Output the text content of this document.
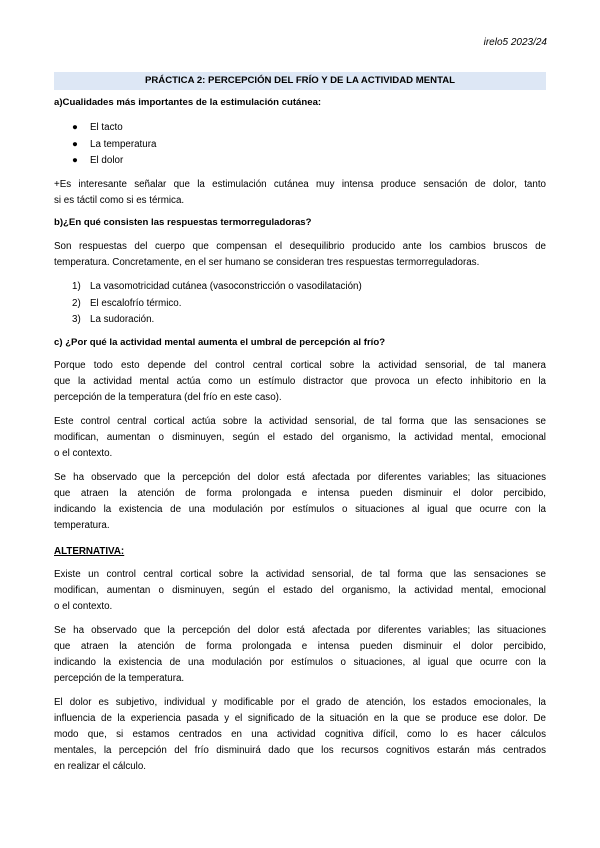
irelo5 2023/24
PRÁCTICA 2: PERCEPCIÓN DEL FRÍO Y DE LA ACTIVIDAD MENTAL
a)Cualidades más importantes de la estimulación cutánea:
● El tacto
● La temperatura
● El dolor
+Es interesante señalar que la estimulación cutánea muy intensa produce sensación de dolor, tanto
si es táctil como si es térmica.
b)¿En qué consisten las respuestas termorreguladoras?
Son respuestas del cuerpo que compensan el desequilibrio producido ante los cambios bruscos de
temperatura. Concretamente, en el ser humano se consideran tres respuestas termorreguladoras.
1) La vasomotricidad cutánea (vasoconstricción o vasodilatación)
2) El escalofrío térmico.
3) La sudoración.
c) ¿Por qué la actividad mental aumenta el umbral de percepción al frío?
Porque todo esto depende del control central cortical sobre la actividad sensorial, de tal manera
que la actividad mental actúa como un estímulo distractor que provoca un efecto inhibitorio en la
percepción de la temperatura (del frío en este caso).
Este control central cortical actúa sobre la actividad sensorial, de tal forma que las sensaciones se
modifican, aumentan o disminuyen, según el estado del organismo, la actividad mental, emocional
o el contexto.
Se ha observado que la percepción del dolor está afectada por diferentes variables; las situaciones
que atraen la atención de forma prolongada e intensa pueden disminuir el dolor percibido,
indicando la existencia de una modulación por estímulos o situaciones al igual que ocurre con la
temperatura.
ALTERNATIVA:
Existe un control central cortical sobre la actividad sensorial, de tal forma que las sensaciones se
modifican, aumentan o disminuyen, según el estado del organismo, la actividad mental, emocional
o el contexto.
Se ha observado que la percepción del dolor está afectada por diferentes variables; las situaciones
que atraen la atención de forma prolongada e intensa pueden disminuir el dolor percibido,
indicando la existencia de una modulación por estímulos o situaciones, al igual que ocurre con la
percepción de la temperatura.
El dolor es subjetivo, individual y modificable por el grado de atención, los estados emocionales, la
influencia de la experiencia pasada y el significado de la situación en la que se produce ese dolor. De
modo que, si estamos centrados en una actividad cognitiva difícil, como lo es hacer cálculos
mentales, la percepción del frío disminuirá dado que los recursos cognitivos estarán más centrados
en realizar el cálculo.
